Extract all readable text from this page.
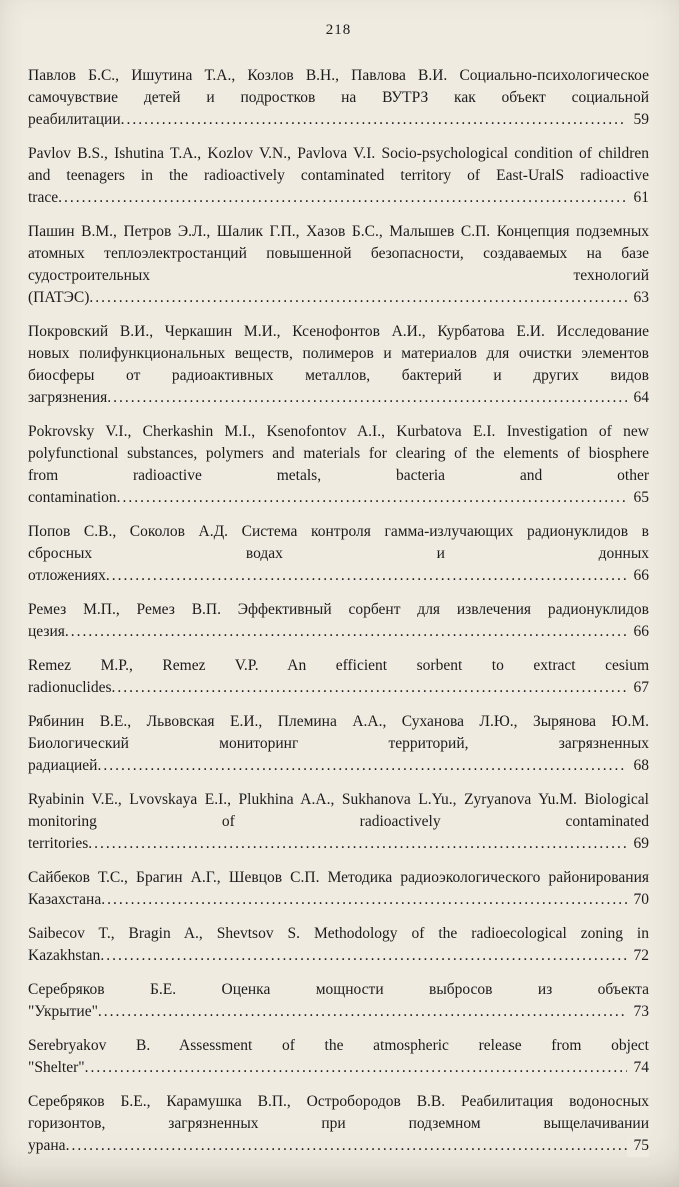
218

Павлов Б.С., Ишутина Т.А., Козлов В.Н., Павлова В.И. Социально-психологическое самочувствие детей и подростков на ВУТРЗ как объект социальной реабилитации	59
.....

Pavlov B.S., Ishutina T.A., Kozlov V.N., Pavlova V.I. Socio-psychological condition of children and teenagers in the radioactively contaminated territory of East-UralS radioactive trace	61
.....

Пашин В.М., Петров Э.Л., Шалик Г.П., Хазов Б.С., Малышев С.П. Концепция подземных атомных теплоэлектростанций повышенной безопасности, создаваемых на базе судостроительных технологий (ПАТЭС)	63
.....

Покровский В.И., Черкашин М.И., Ксенофонтов А.И., Курбатова Е.И. Исследование новых полифункциональных веществ, полимеров и материалов для очистки элементов биосферы от радиоактивных металлов, бактерий и других видов загрязнения	64
.....

Pokrovsky V.I., Cherkashin M.I., Ksenofontov A.I., Kurbatova E.I. Investigation of new polyfunctional substances, polymers and materials for clearing of the elements of biosphere from radioactive metals, bacteria and other contamination	65
.....

Попов С.В., Соколов А.Д. Система контроля гамма-излучающих радионуклидов в сбросных водах и донных отложениях	66
.....

Ремез М.П., Ремез В.П. Эффективный сорбент для извлечения радионуклидов цезия	66
.....

Remez M.P., Remez V.P. An efficient sorbent to extract cesium radionuclides	67
.....

Рябинин В.Е., Львовская Е.И., Племина А.А., Суханова Л.Ю., Зырянова Ю.М. Биологический мониторинг территорий, загрязненных радиацией	68
.....

Ryabinin V.E., Lvovskaya E.I., Plukhina A.A., Sukhanova L.Yu., Zyryanova Yu.M. Biological monitoring of radioactively contaminated territories	69
.....

Сайбеков Т.С., Брагин А.Г., Шевцов С.П. Методика радиоэкологического районирования Казахстана	70
.....

Saibecov T., Bragin A., Shevtsov S. Methodology of the radioecological zoning in Kazakhstan	72
.....

Серебряков Б.Е. Оценка мощности выбросов из объекта "Укрытие"	73
.....

Serebryakov B. Assessment of the atmospheric release from object "Shelter"	74
.....

Серебряков Б.Е., Карамушка В.П., Остробородов В.В. Реабилитация водоносных горизонтов, загрязненных при подземном выщелачивании урана	75
.....
